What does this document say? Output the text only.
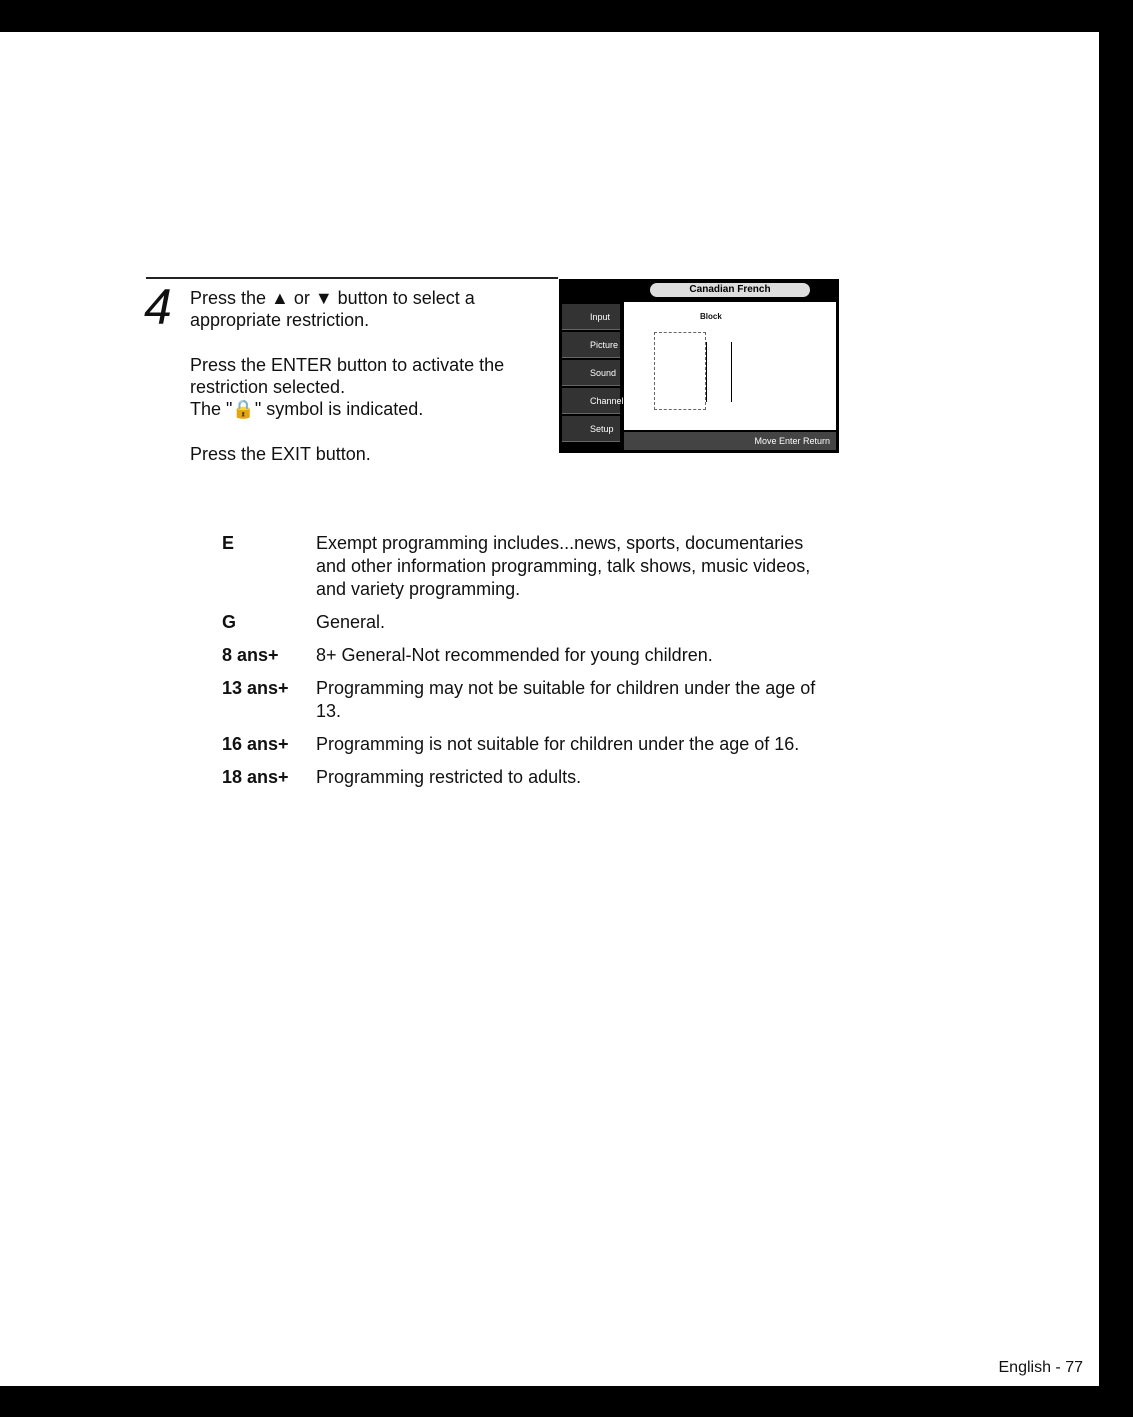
4 Press the ▲ or ▼ button to select a appropriate restriction.

Press the ENTER button to activate the restriction selected.

The "🔒" symbol is indicated.

Press the EXIT button.

Canadian French
Input
Picture
Sound
Channel
Setup
Block
Move Enter Return
E	Exempt programming includes...news, sports, documentaries and other information programming, talk shows, music videos, and variety programming.
G	General.
8 ans+	8+ General-Not recommended for young children.
13 ans+	Programming may not be suitable for children under the age of 13.
16 ans+	Programming is not suitable for children under the age of 16.
18 ans+	Programming restricted to adults.
English - 77
